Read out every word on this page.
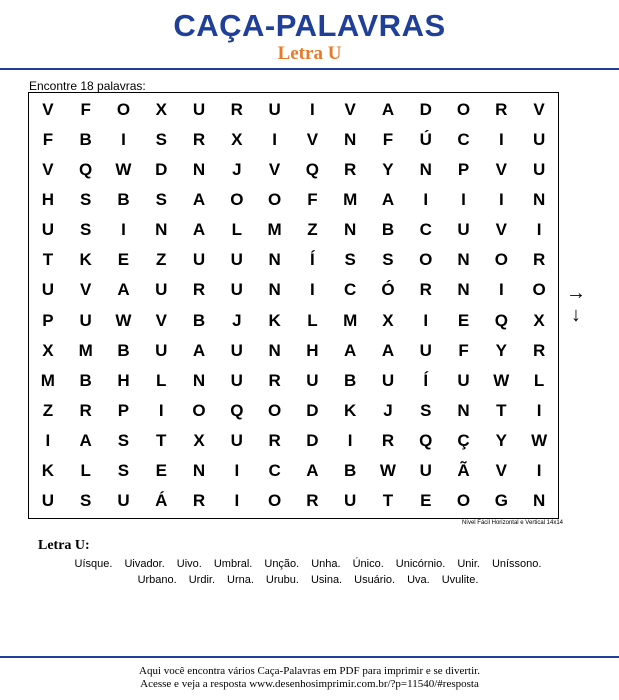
CAÇA-PALAVRAS
Letra U
Encontre 18 palavras:
V	F	O	X	U	R	U	I	V	A	D	O	R	V
F	B	I	S	R	X	I	V	N	F	Ú	C	I	U
V	Q	W	D	N	J	V	Q	R	Y	N	P	V	U
H	S	B	S	A	O	O	F	M	A	I	I	I	N
U	S	I	N	A	L	M	Z	N	B	C	U	V	I
T	K	E	Z	U	U	N	Í	S	S	O	N	O	R
U	V	A	U	R	U	N	I	C	Ó	R	N	I	O
P	U	W	V	B	J	K	L	M	X	I	E	Q	X
X	M	B	U	A	U	N	H	A	A	U	F	Y	R
M	B	H	L	N	U	R	U	B	U	Í	U	W	L
Z	R	P	I	O	Q	O	D	K	J	S	N	T	I
I	A	S	T	X	U	R	D	I	R	Q	Ç	Y	W
K	L	S	E	N	I	C	A	B	W	U	Ã	V	I
U	S	U	Á	R	I	O	R	U	T	E	O	G	N
Nível Fácil Horizontal e Vertical 14x14
→
↓
Letra U:
Uísque. Uivador. Uivo. Umbral. Unção. Unha. Único. Unicórnio. Unir. Uníssono.
Urbano. Urdir. Urna. Urubu. Usina. Usuário. Uva. Uvulite.
Aqui você encontra vários Caça-Palavras em PDF para imprimir e se divertir.
Acesse e veja a resposta www.desenhosimprimir.com.br/?p=11540/#resposta
